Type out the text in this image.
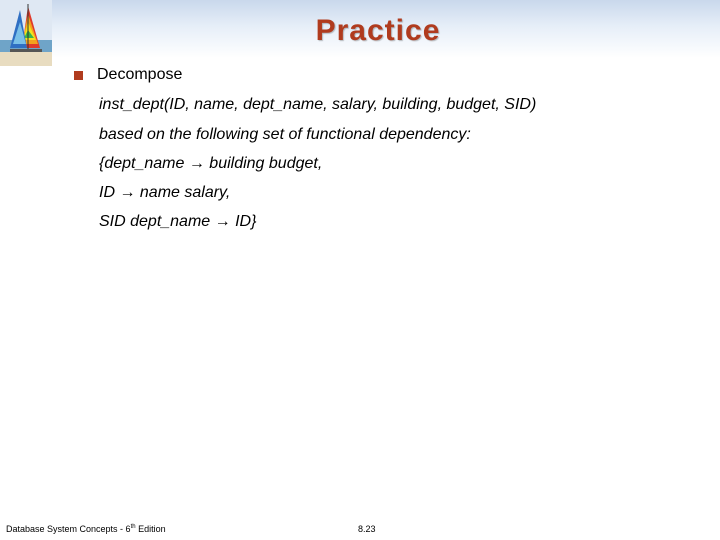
Practice
Decompose
inst_dept(ID, name, dept_name, salary, building, budget, SID)
based on the following set of functional dependency:
{dept_name → building budget,
ID → name salary,
SID dept_name → ID}
Database System Concepts - 6th Edition	8.23
